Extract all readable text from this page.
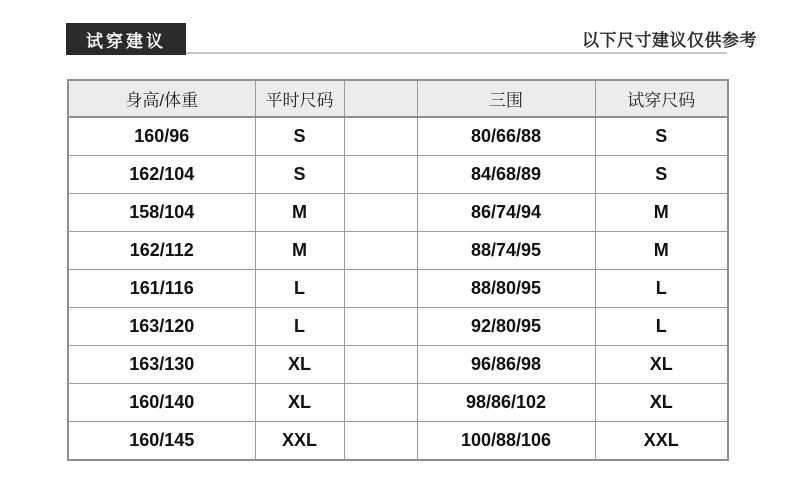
试穿建议	以下尺寸建议仅供参考
身高/体重	平时尺码		三围	试穿尺码
160/96	S		80/66/88	S
162/104	S		84/68/89	S
158/104	M		86/74/94	M
162/112	M		88/74/95	M
161/116	L		88/80/95	L
163/120	L		92/80/95	L
163/130	XL		96/86/98	XL
160/140	XL		98/86/102	XL
160/145	XXL		100/88/106	XXL
